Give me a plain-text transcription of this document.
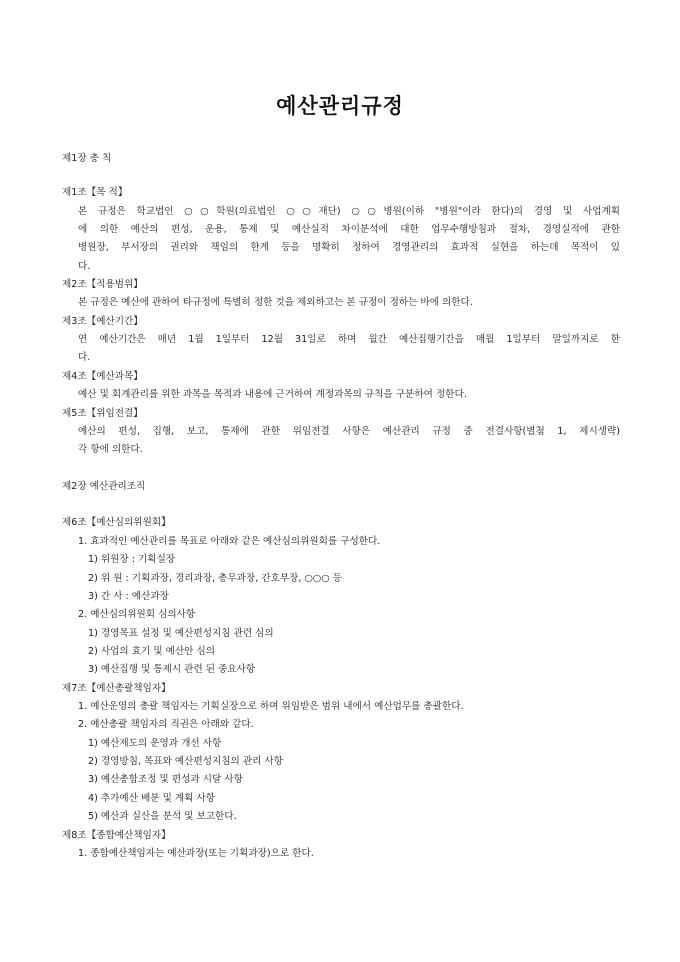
예산관리규정
제1장 총 칙
제1조【목 적】
본 규정은 학교법인 ○○학원(의료법인 ○○재단) ○○병원(이하 "병원"이라 한다)의 경영 및 사업계획
에 의한 예산의 편성, 운용, 통제 및 예산실적 차이분석에 대한 업무수행방침과 절차, 경영실적에 관한
병원장, 부서장의 권리와 책임의 한계 등을 명확히 정하여 경영관리의 효과적 실현을 하는데 목적이 있
다.
제2조【적용범위】
본 규정은 예산에 관하여 타규정에 특별히 정한 것을 제외하고는 본 규정이 정하는 바에 의한다.
제3조【예산기간】
연 예산기간은 매년 1월 1일부터 12월 31일로 하며 월간 예산집행기간을 매월 1일부터 말일까지로 한
다.
제4조【예산과목】
예산 및 회계관리를 위한 과목을 목적과 내용에 근거하여 계정과목의 규칙을 구분하여 정한다.
제5조【위임전결】
예산의 편성, 집행, 보고, 통제에 관한 위임전결 사항은 예산관리 규정 중 전결사항(별첨 1, 제시생략)
각 항에 의한다.
제2장 예산관리조직
제6조【예산심의위원회】
1. 효과적인 예산관리를 목표로 아래와 같은 예산심의위원회를 구성한다.
1) 위원장 : 기획실장
2) 위 원 : 기획과장, 경리과장, 총무과장, 간호부장, ○○○ 등
3) 간 사 : 예산과장
2. 예산심의위원회 심의사항
1) 경영목표 설정 및 예산편성지침 관련 심의
2) 사업의 효기 및 예산안 심의
3) 예산집행 및 통제시 관련 된 중요사항
제7조【예산총괄책임자】
1. 예산운영의 총괄 책임자는 기획실장으로 하며 위임받은 범위 내에서 예산업무를 총괄한다.
2. 예산총괄 책임자의 직권은 아래와 같다.
1) 예산제도의 운영과 개선 사항
2) 경영방침, 목표와 예산편성지침의 관리 사항
3) 예산총합조정 및 편성과 시달 사항
4) 추가예산 배분 및 계획 사항
5) 예산과 실산을 분석 및 보고한다.
제8조【종합예산책임자】
1. 종합예산책임자는 예산과장(또는 기획과장)으로 한다.
